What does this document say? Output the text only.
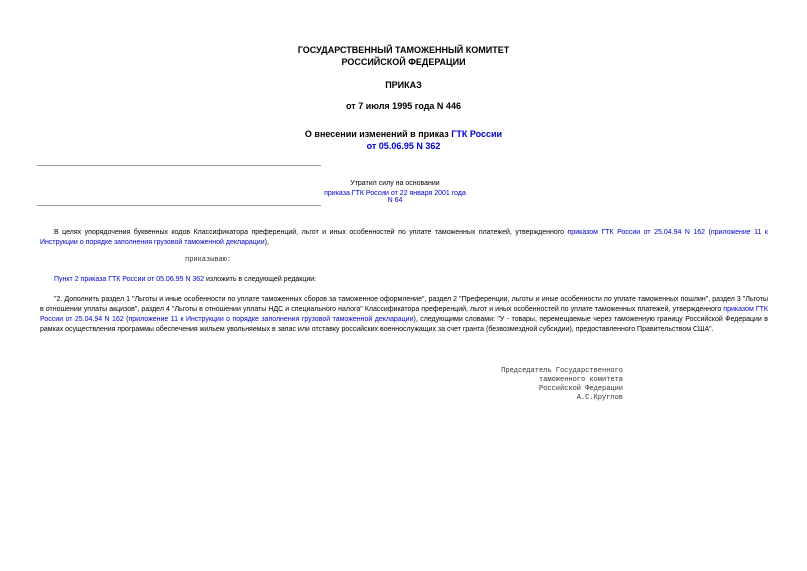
ГОСУДАРСТВЕННЫЙ ТАМОЖЕННЫЙ КОМИТЕТ
РОССИЙСКОЙ ФЕДЕРАЦИИ
ПРИКАЗ
от 7 июля 1995 года N 446
О внесении изменений в приказ ГТК России
от 05.06.95 N 362
Утратил силу на основании
приказа ГТК России от 22 января 2001 года N 64
В целях упорядочения буквенных кодов Классификатора преференций, льгот и иных особенностей по уплате таможенных платежей, утвержденного приказом ГТК России от 25.04.94 N 162 (приложение 11 к Инструкции о порядке заполнения грузовой таможенной декларации),
приказываю:
Пункт 2 приказа ГТК России от 05.06.95 N 362 изложить в следующей редакции:
"2. Дополнить раздел 1 "Льготы и иные особенности по уплате таможенных сборов за таможенное оформление", раздел 2 "Преференции, льготы и иные особенности по уплате таможенных пошлин", раздел 3 "Льготы в отношении уплаты акцизов", раздел 4 "Льготы в отношении уплаты НДС и специального налога" Классификатора преференций, льгот и иных особенностей по уплате таможенных платежей, утвержденного приказом ГТК России от 25.04.94 N 162 (приложение 11 к Инструкции о порядке заполнения грузовой таможенной декларации), следующими словами: "У - товары, перемещаемые через таможенную границу Российской Федерации в рамках осуществления программы обеспечения жильем увольняемых в запас или отставку российских военнослужащих за счет гранта (безвозмездной субсидии), предоставленного Правительством США".
Председатель Государственного
таможенного комитета
Российской Федерации
А.С.Круглов
